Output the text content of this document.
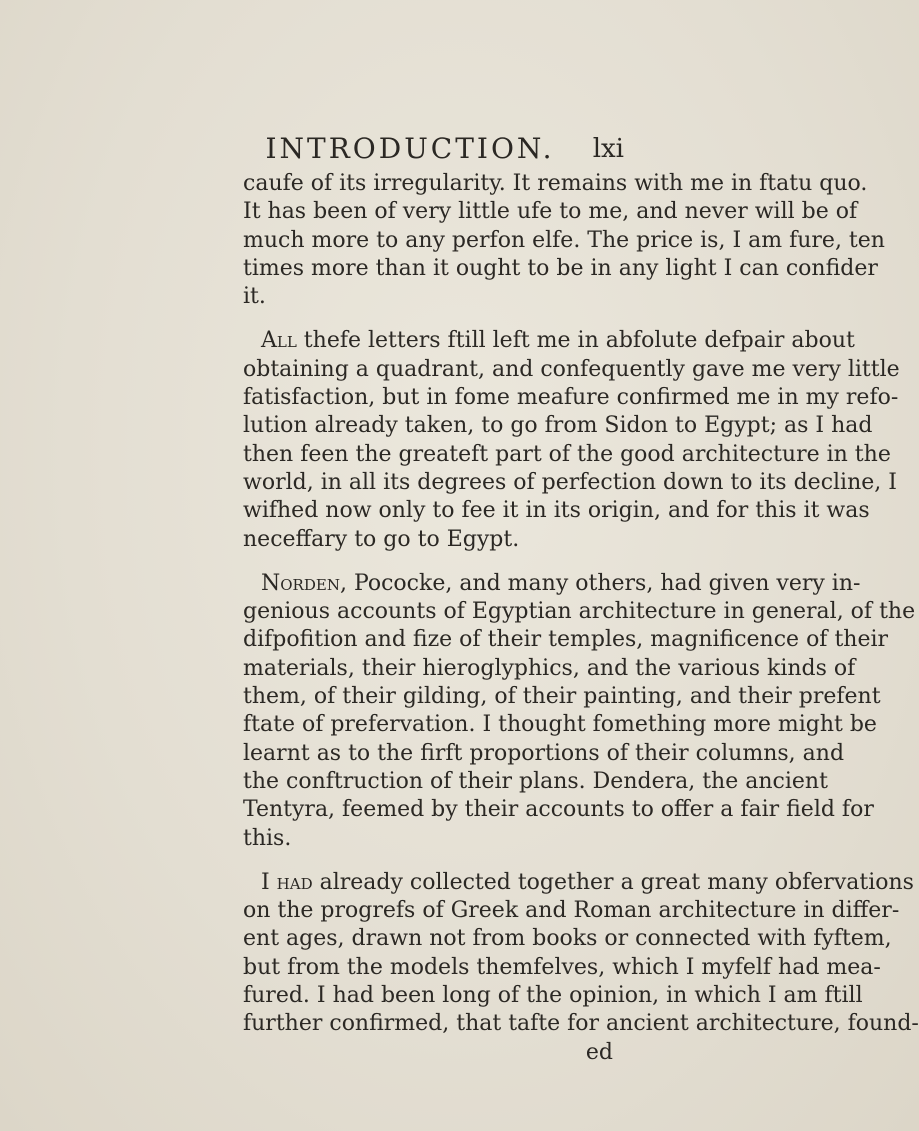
INTRODUCTION.	lxi
caufe of its irregularity. It remains with me in ftatu quo.
It has been of very little ufe to me, and never will be of
much more to any perfon elfe. The price is, I am fure, ten
times more than it ought to be in any light I can confider
it.
All thefe letters ftill left me in abfolute defpair about
obtaining a quadrant, and confequently gave me very little
fatisfaction, but in fome meafure confirmed me in my refo-
lution already taken, to go from Sidon to Egypt; as I had
then feen the greateft part of the good architecture in the
world, in all its degrees of perfection down to its decline, I
wifhed now only to fee it in its origin, and for this it was
neceffary to go to Egypt.
Norden, Pococke, and many others, had given very in-
genious accounts of Egyptian architecture in general, of the
difpofition and fize of their temples, magnificence of their
materials, their hieroglyphics, and the various kinds of
them, of their gilding, of their painting, and their prefent
ftate of prefervation. I thought fomething more might be
learnt as to the firft proportions of their columns, and
the conftruction of their plans. Dendera, the ancient
Tentyra, feemed by their accounts to offer a fair field for
this.
I had already collected together a great many obfervations
on the progrefs of Greek and Roman architecture in differ-
ent ages, drawn not from books or connected with fyftem,
but from the models themfelves, which I myfelf had mea-
fured. I had been long of the opinion, in which I am ftill
further confirmed, that tafte for ancient architecture, found-
ed
